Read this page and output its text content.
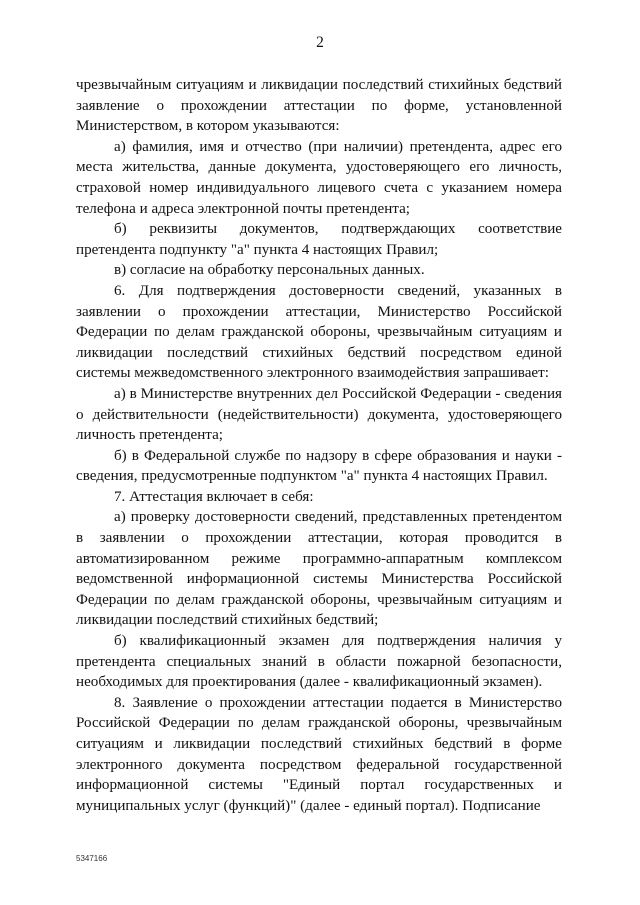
2

чрезвычайным ситуациям и ликвидации последствий стихийных бедствий заявление о прохождении аттестации по форме, установленной Министерством, в котором указываются:

а) фамилия, имя и отчество (при наличии) претендента, адрес его места жительства, данные документа, удостоверяющего его личность, страховой номер индивидуального лицевого счета с указанием номера телефона и адреса электронной почты претендента;

б) реквизиты документов, подтверждающих соответствие претендента подпункту "а" пункта 4 настоящих Правил;

в) согласие на обработку персональных данных.

6. Для подтверждения достоверности сведений, указанных в заявлении о прохождении аттестации, Министерство Российской Федерации по делам гражданской обороны, чрезвычайным ситуациям и ликвидации последствий стихийных бедствий посредством единой системы межведомственного электронного взаимодействия запрашивает:

а) в Министерстве внутренних дел Российской Федерации - сведения о действительности (недействительности) документа, удостоверяющего личность претендента;

б) в Федеральной службе по надзору в сфере образования и науки - сведения, предусмотренные подпунктом "а" пункта 4 настоящих Правил.

7. Аттестация включает в себя:

а) проверку достоверности сведений, представленных претендентом в заявлении о прохождении аттестации, которая проводится в автоматизированном режиме программно-аппаратным комплексом ведомственной информационной системы Министерства Российской Федерации по делам гражданской обороны, чрезвычайным ситуациям и ликвидации последствий стихийных бедствий;

б) квалификационный экзамен для подтверждения наличия у претендента специальных знаний в области пожарной безопасности, необходимых для проектирования (далее - квалификационный экзамен).

8. Заявление о прохождении аттестации подается в Министерство Российской Федерации по делам гражданской обороны, чрезвычайным ситуациям и ликвидации последствий стихийных бедствий в форме электронного документа посредством федеральной государственной информационной системы "Единый портал государственных и муниципальных услуг (функций)" (далее - единый портал). Подписание

5347166
